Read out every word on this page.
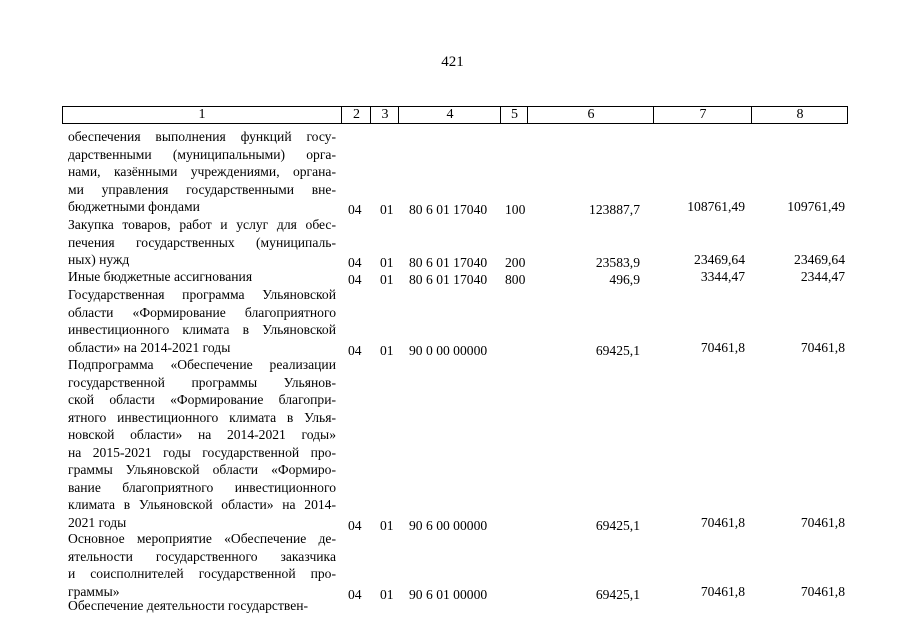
421
1	2	3	4	5	6	7	8
обеспечения выполнения функций госу-
дарственными (муниципальными) орга-
нами, казёнными учреждениями, органа-
ми управления государственными вне-
бюджетными фондами	04 01 80 6 01 17040 100	123887,7	108761,49	109761,49
Закупка товаров, работ и услуг для обес-
печения государственных (муниципаль-
ных) нужд	04 01 80 6 01 17040 200	23583,9	23469,64	23469,64
Иные бюджетные ассигнования	04 01 80 6 01 17040 800	496,9	3344,47	2344,47
Государственная программа Ульяновской
области «Формирование благоприятного
инвестиционного климата в Ульяновской
области» на 2014-2021 годы	04 01 90 0 00 00000	69425,1	70461,8	70461,8
Подпрограмма «Обеспечение реализации
государственной программы Ульянов-
ской области «Формирование благопри-
ятного инвестиционного климата в Улья-
новской области» на 2014-2021 годы»
на 2015-2021 годы государственной про-
граммы Ульяновской области «Формиро-
вание благоприятного инвестиционного
климата в Ульяновской области» на 2014-
2021 годы	04 01 90 6 00 00000	69425,1	70461,8	70461,8
Основное мероприятие «Обеспечение де-
ятельности государственного заказчика
и соисполнителей государственной про-
граммы»	04 01 90 6 01 00000	69425,1	70461,8	70461,8
Обеспечение деятельности государствен-
